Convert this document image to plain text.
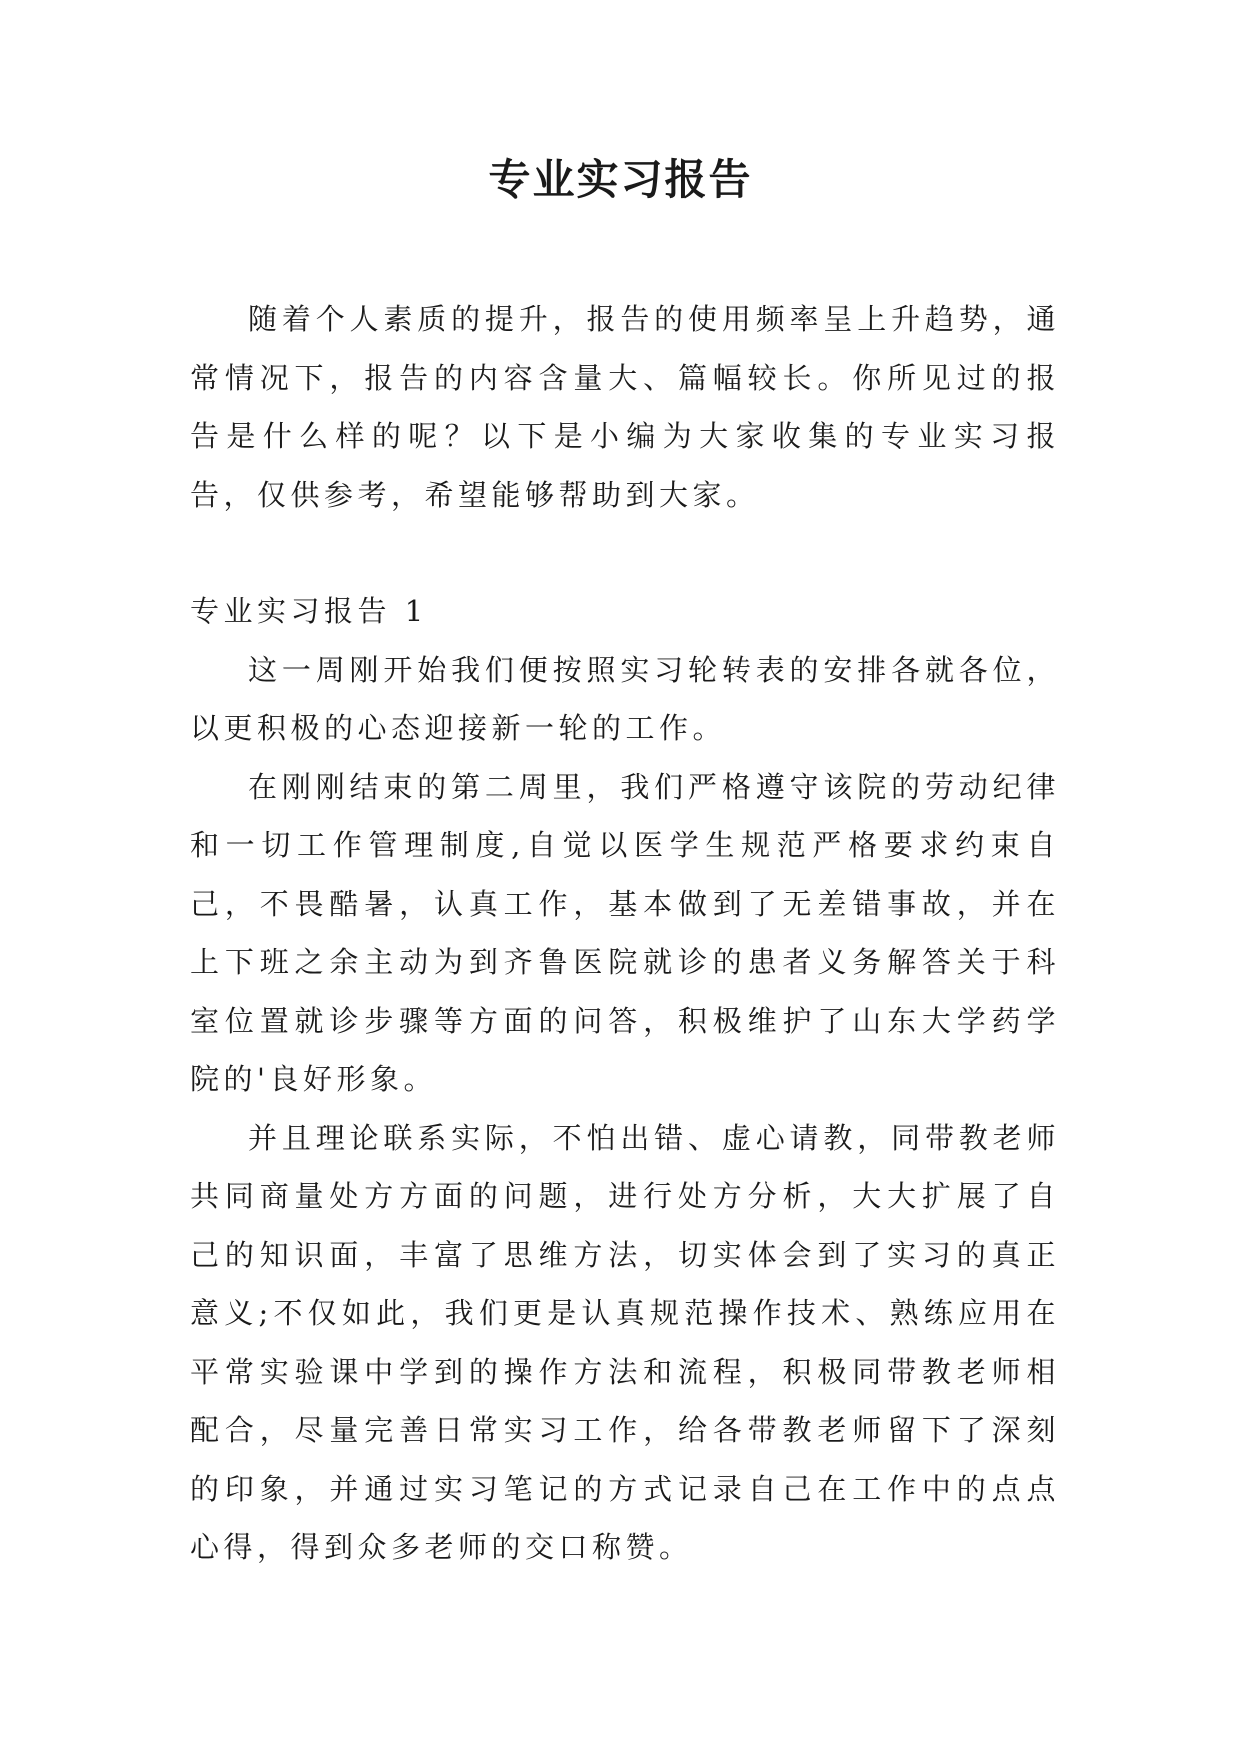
专业实习报告

随着个人素质的提升，报告的使用频率呈上升趋势，通常情况下，报告的内容含量大、篇幅较长。你所见过的报告是什么样的呢？以下是小编为大家收集的专业实习报告，仅供参考，希望能够帮助到大家。

专业实习报告 1

这一周刚开始我们便按照实习轮转表的安排各就各位，以更积极的心态迎接新一轮的工作。

在刚刚结束的第二周里，我们严格遵守该院的劳动纪律和一切工作管理制度,自觉以医学生规范严格要求约束自己，不畏酷暑，认真工作，基本做到了无差错事故，并在上下班之余主动为到齐鲁医院就诊的患者义务解答关于科室位置就诊步骤等方面的问答，积极维护了山东大学药学院的'良好形象。

并且理论联系实际，不怕出错、虚心请教，同带教老师共同商量处方方面的问题，进行处方分析，大大扩展了自己的知识面，丰富了思维方法，切实体会到了实习的真正意义;不仅如此，我们更是认真规范操作技术、熟练应用在平常实验课中学到的操作方法和流程，积极同带教老师相配合，尽量完善日常实习工作，给各带教老师留下了深刻的印象，并通过实习笔记的方式记录自己在工作中的点点心得，得到众多老师的交口称赞。
